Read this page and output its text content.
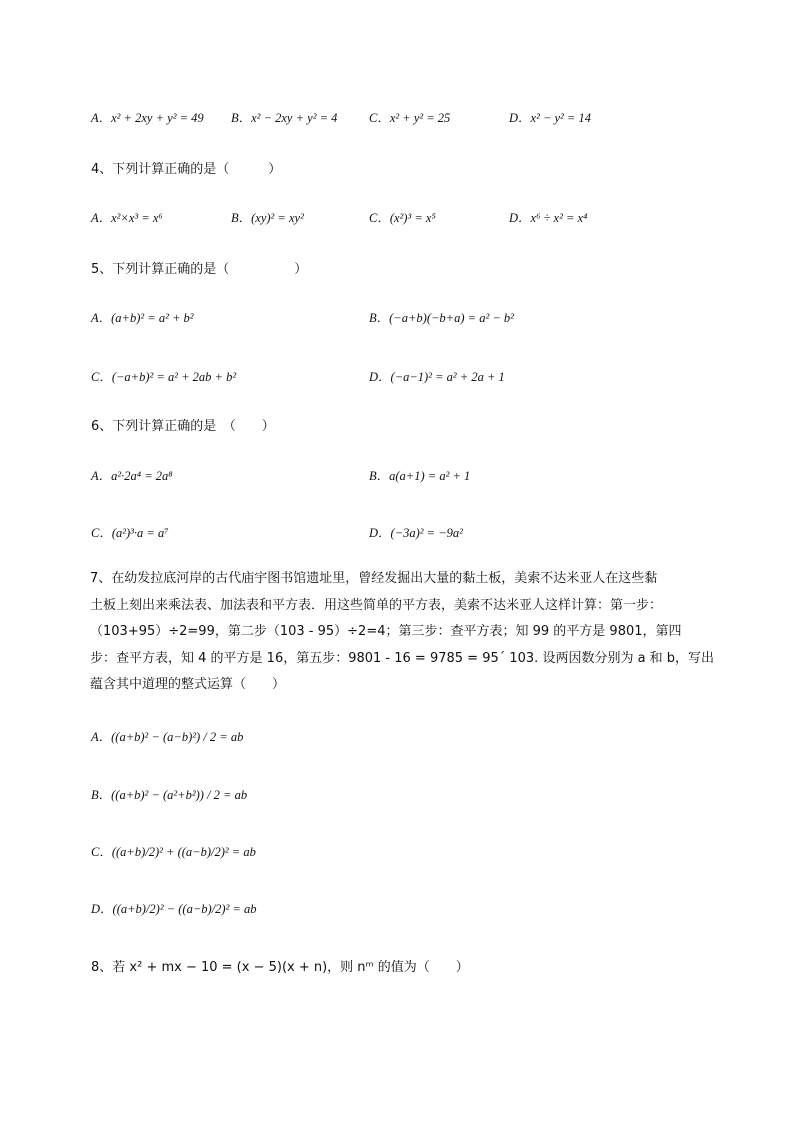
A．x² + 2xy + y² = 49 B．x² − 2xy + y² = 4	C．x² + y² = 25	D．x² − y² = 14
4、下列计算正确的是（　　　）
A．x²×x³ = x⁶	B．(xy)² = xy²	C．(x²)³ = x⁵	D．x⁶ ÷ x² = x⁴
5、下列计算正确的是（　　　　　）
A．(a+b)² = a² + b²	B．(−a+b)(−b+a) = a² − b²
C．(−a+b)² = a² + 2ab + b²	D．(−a−1)² = a² + 2a + 1
6、下列计算正确的是　（　　）
A．a²·2a⁴ = 2a⁸	B．a(a+1) = a² + 1
C．(a²)³·a = a⁷	D．(−3a)² = −9a²
7、在幼发拉底河岸的古代庙宇图书馆遗址里，曾经发掘出大量的黏土板，美索不达米亚人在这些黏
土板上刻出来乘法表、加法表和平方表．用这些简单的平方表，美索不达米亚人这样计算：第一步：
（103+95）÷2=99，第二步（103 - 95）÷2=4；第三步：查平方表；知 99 的平方是 9801，第四
步：查平方表，知 4 的平方是 16，第五步：9801 - 16 = 9785 = 95´ 103. 设两因数分别为 a 和 b，写出
蕴含其中道理的整式运算（　　）
A．((a+b)² − (a−b)²) / 2 = ab
B．((a+b)² − (a²+b²)) / 2 = ab
C．((a+b)/2)² + ((a−b)/2)² = ab
D．((a+b)/2)² − ((a−b)/2)² = ab
8、若 x² + mx − 10 = (x − 5)(x + n)，则 nᵐ 的值为（　　）
